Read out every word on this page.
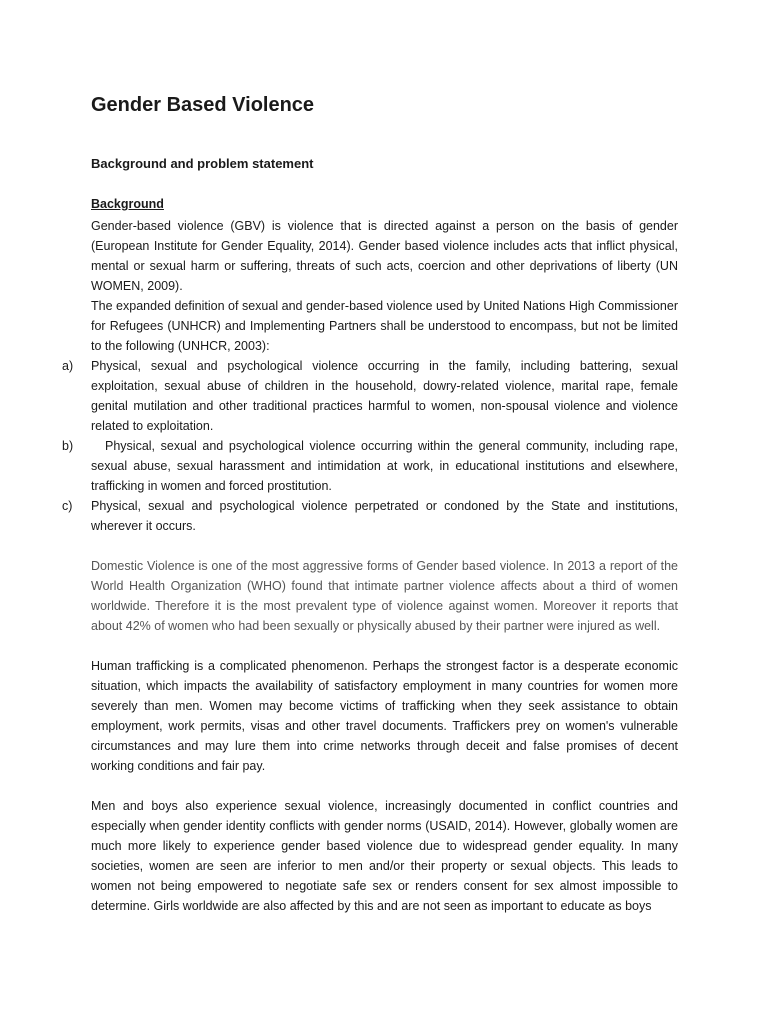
Gender Based Violence
Background and problem statement
Background

Gender-based violence (GBV) is violence that is directed against a person on the basis of gender (European Institute for Gender Equality, 2014). Gender based violence includes acts that inflict physical, mental or sexual harm or suffering, threats of such acts, coercion and other deprivations of liberty (UN WOMEN, 2009).

The expanded definition of sexual and gender-based violence used by United Nations High Commissioner for Refugees (UNHCR) and Implementing Partners shall be understood to encompass, but not be limited to the following (UNHCR, 2003):

a) Physical, sexual and psychological violence occurring in the family, including battering, sexual exploitation, sexual abuse of children in the household, dowry-related violence, marital rape, female genital mutilation and other traditional practices harmful to women, non-spousal violence and violence related to exploitation.
b)	Physical, sexual and psychological violence occurring within the general community, including rape, sexual abuse, sexual harassment and intimidation at work, in educational institutions and elsewhere, trafficking in women and forced prostitution.
c) Physical, sexual and psychological violence perpetrated or condoned by the State and institutions, wherever it occurs.

Domestic Violence is one of the most aggressive forms of Gender based violence. In 2013 a report of the World Health Organization (WHO) found that intimate partner violence affects about a third of women worldwide. Therefore it is the most prevalent type of violence against women. Moreover it reports that about 42% of women who had been sexually or physically abused by their partner were injured as well.

Human trafficking is a complicated phenomenon. Perhaps the strongest factor is a desperate economic situation, which impacts the availability of satisfactory employment in many countries for women more severely than men. Women may become victims of trafficking when they seek assistance to obtain employment, work permits, visas and other travel documents. Traffickers prey on women's vulnerable circumstances and may lure them into crime networks through deceit and false promises of decent working conditions and fair pay.

Men and boys also experience sexual violence, increasingly documented in conflict countries and especially when gender identity conflicts with gender norms (USAID, 2014). However, globally women are much more likely to experience gender based violence due to widespread gender equality. In many societies, women are seen are inferior to men and/or their property or sexual objects. This leads to women not being empowered to negotiate safe sex or renders consent for sex almost impossible to determine. Girls worldwide are also affected by this and are not seen as important to educate as boys
